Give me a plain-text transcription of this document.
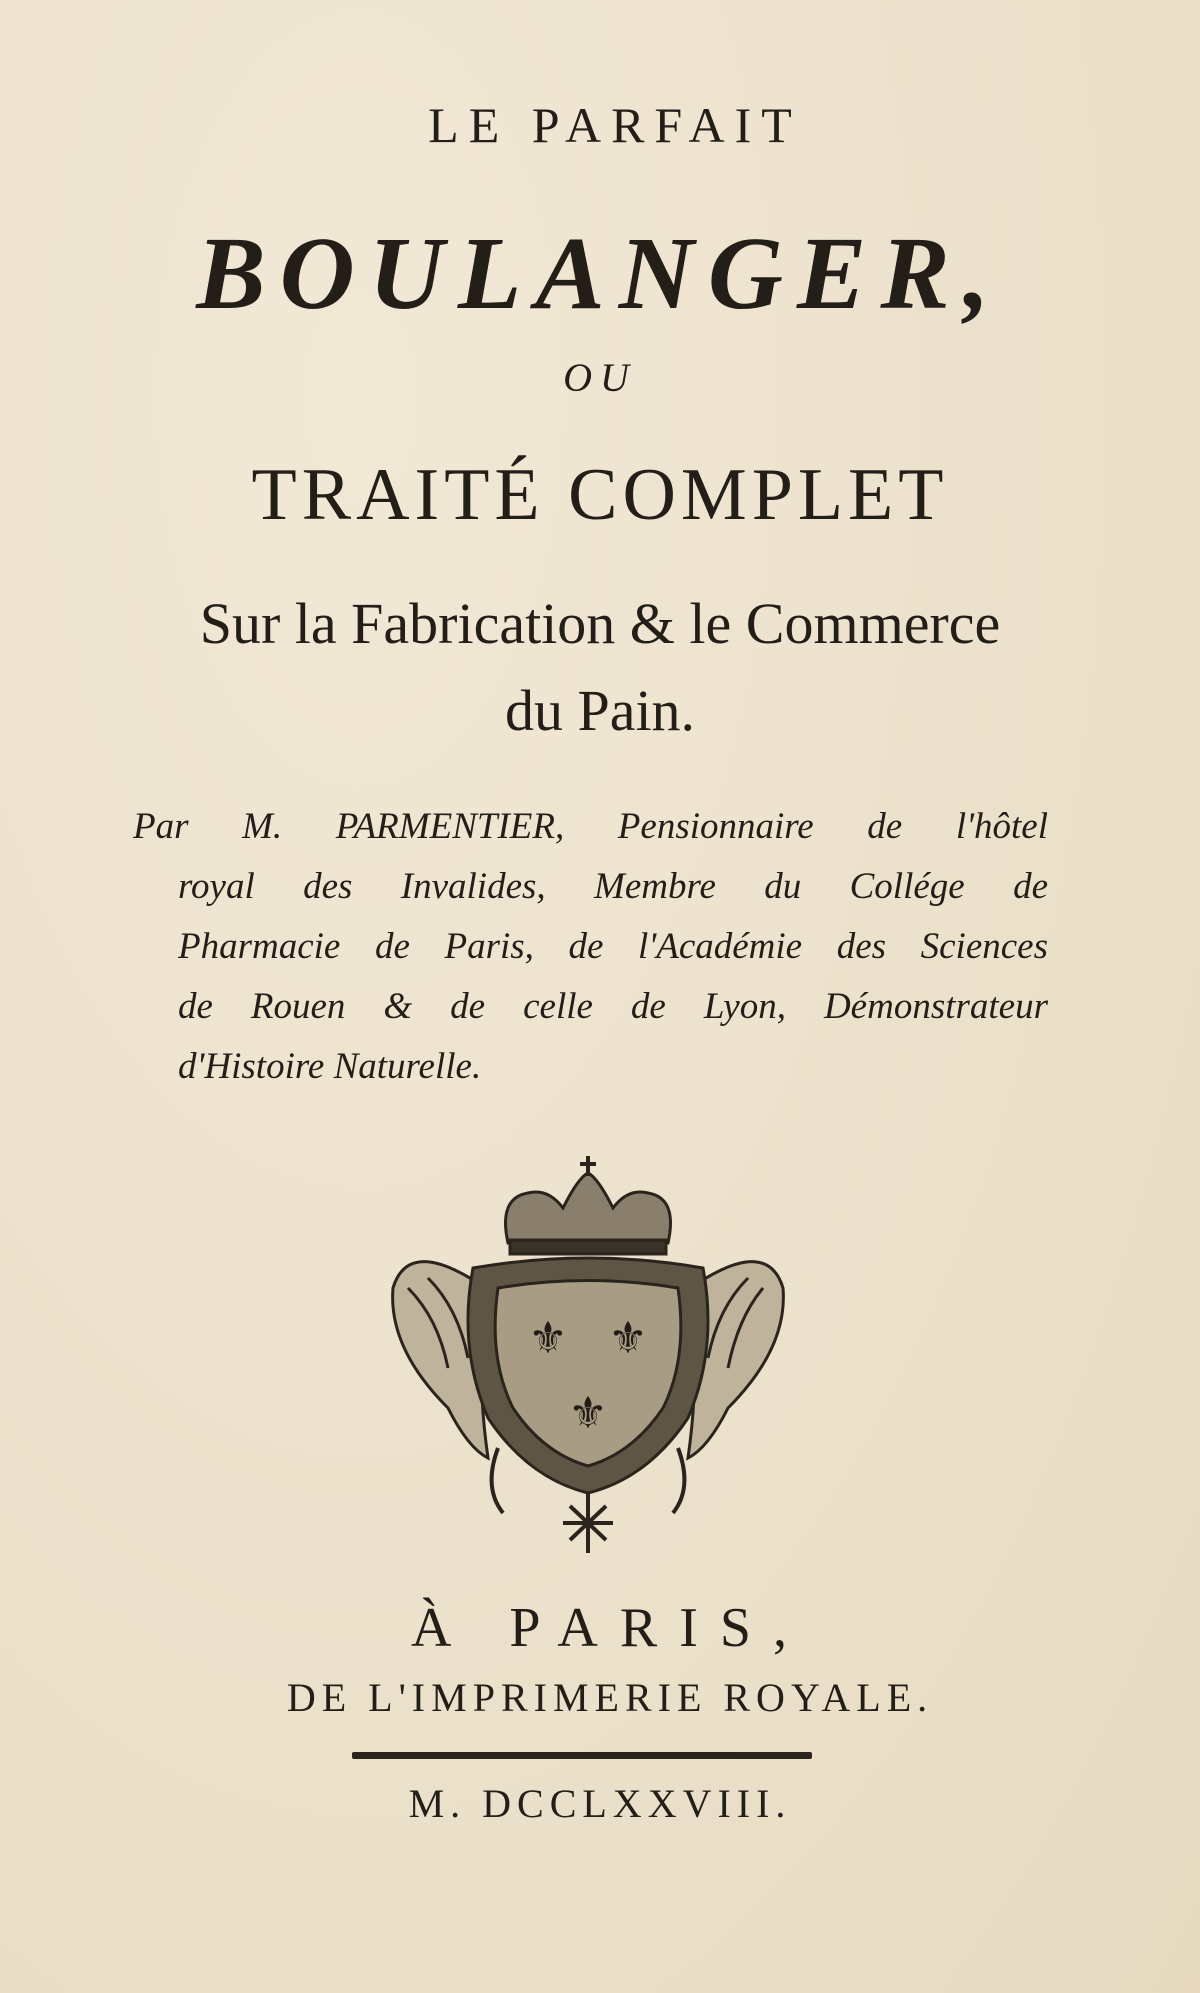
LE PARFAIT
BOULANGER,
OU
TRAITÉ COMPLET
Sur la Fabrication & le Commerce
du Pain.
Par M. PARMENTIER, Pensionnaire de l'hôtel
royal des Invalides, Membre du Collége de
Pharmacie de Paris, de l'Académie des Sciences
de Rouen & de celle de Lyon, Démonstrateur
d'Histoire Naturelle.
⚜ ⚜
⚜
À PARIS,
DE L'IMPRIMERIE ROYALE.
M. DCCLXXVIII.
